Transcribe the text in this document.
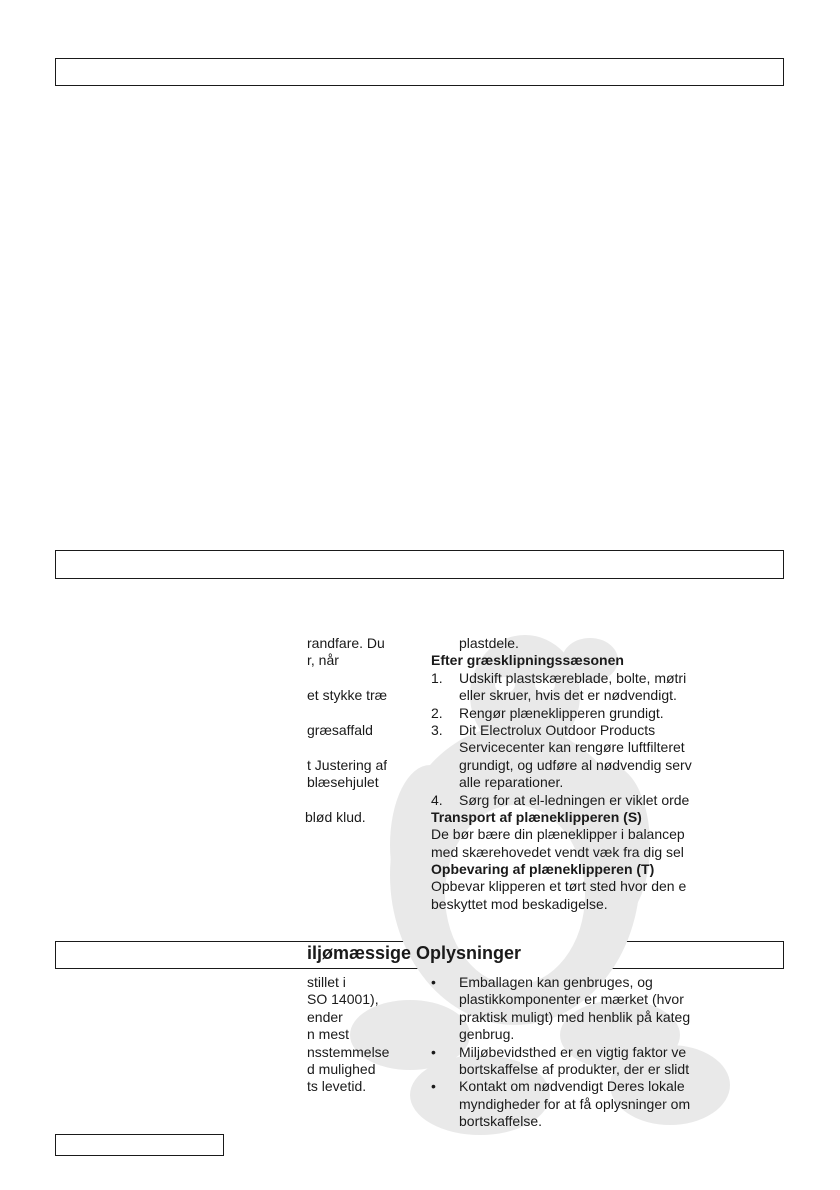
randfare. Du
r, når
et stykke træ
græsaffald
t Justering af
blæsehjulet
blød klud.
plastdele.
Efter græsklipningssæsonen
1. Udskift plastskæreblade, bolte, møtri
eller skruer, hvis det er nødvendigt.
2. Rengør plæneklipperen grundigt.
3. Dit Electrolux Outdoor Products
Servicecenter kan rengøre luftfilteret
grundigt, og udføre al nødvendig serv
alle reparationer.
4. Sørg for at el-ledningen er viklet orde
Transport af plæneklipperen (S)
De bør bære din plæneklipper i balancep
med skærehovedet vendt væk fra dig sel
Opbevaring af plæneklipperen (T)
Opbevar klipperen et tørt sted hvor den e
beskyttet mod beskadigelse.
iljømæssige Oplysninger
stillet i
SO 14001),
ender
n mest
nsstemmelse
d mulighed
ts levetid.
• Emballagen kan genbruges, og
plastikkomponenter er mærket (hvor
praktisk muligt) med henblik på kateg
genbrug.
• Miljøbevidsthed er en vigtig faktor ve
bortskaffelse af produkter, der er slidt
• Kontakt om nødvendigt Deres lokale
myndigheder for at få oplysninger om
bortskaffelse.
